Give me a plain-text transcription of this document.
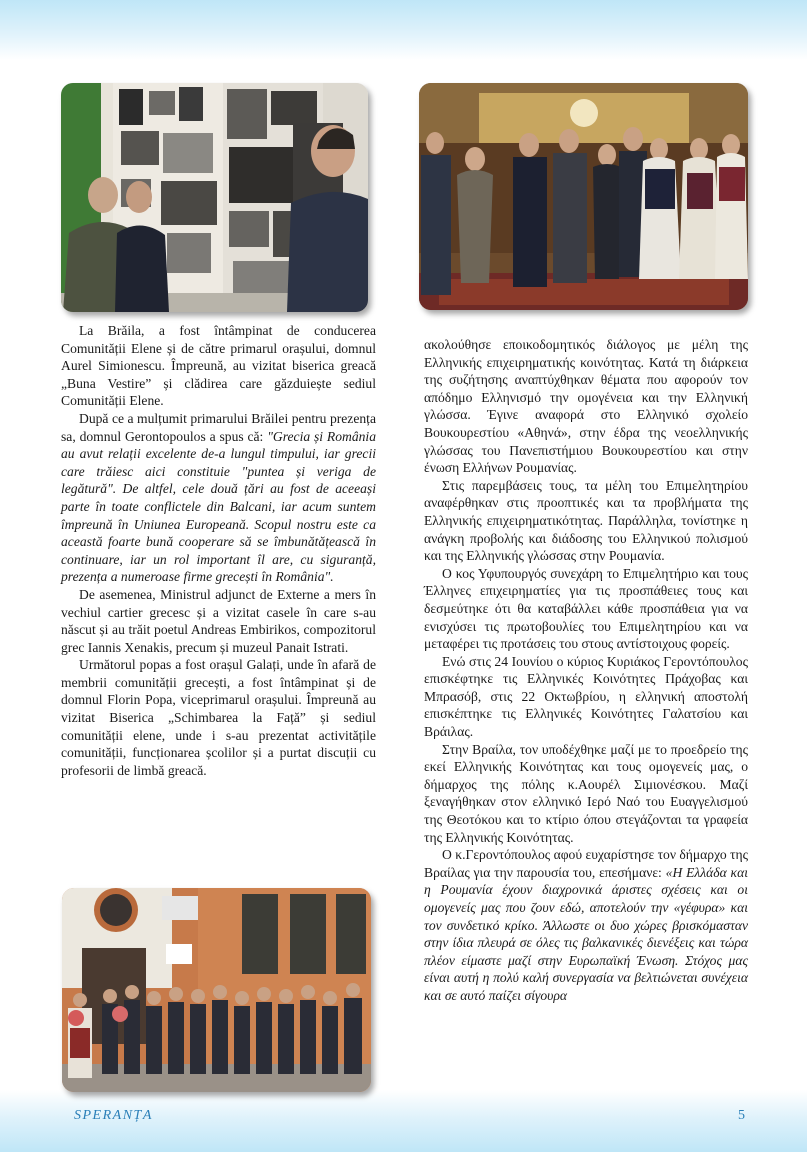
La Brăila, a fost întâmpinat de conducerea Comunității Elene și de către primarul orașului, domnul Aurel Simionescu. Împreună, au vizitat biserica greacă „Buna Vestire” și clădirea care găzduiește sediul Comunității Elene.

După ce a mulțumit primarului Brăilei pentru prezența sa, domnul Gerontopoulos a spus că: "Grecia și România au avut relații excelente de-a lungul timpului, iar grecii care trăiesc aici constituie "puntea și veriga de legătură". De altfel, cele două țări au fost de aceeași parte în toate conflictele din Balcani, iar acum suntem împreună în Uniunea Europeană. Scopul nostru este ca această foarte bună cooperare să se îmbunătățească în continuare, iar un rol important îl are, cu siguranță, prezența a numeroase firme grecești în România".

De asemenea, Ministrul adjunct de Externe a mers în vechiul cartier grecesc și a vizitat casele în care s-au născut și au trăit poetul Andreas Embirikos, compozitorul grec Iannis Xenakis, precum și muzeul Panait Istrati.

Următorul popas a fost orașul Galați, unde în afară de membrii comunității grecești, a fost întâmpinat și de domnul Florin Popa, viceprimarul orașului. Împreună au vizitat Biserica „Schimbarea la Față” și sediul comunității elene, unde i s-au prezentat activitățile comunității, funcționarea școlilor și a purtat discuții cu profesorii de limbă greacă.

ακολούθησε εποικοδομητικός διάλογος με μέλη της Ελληνικής επιχειρηματικής κοινότητας. Κατά τη διάρκεια της συζήτησης αναπτύχθηκαν θέματα που αφορούν τον απόδημο Ελληνισμό την ομογένεια και την Ελληνική γλώσσα. Έγινε αναφορά στο Ελληνικό σχολείο Βουκουρεστίου «Αθηνά», στην έδρα της νεοελληνικής γλώσσας του Πανεπιστήμιου Βουκουρεστίου και στην ένωση Ελλήνων Ρουμανίας.

Στις παρεμβάσεις τους, τα μέλη του Επιμελητηρίου αναφέρθηκαν στις προοπτικές και τα προβλήματα της Ελληνικής επιχειρηματικότητας. Παράλληλα, τονίστηκε η ανάγκη προβολής και διάδοσης του Ελληνικού πολισμού και της Ελληνικής γλώσσας στην Ρουμανία.

Ο κος Υφυπουργός συνεχάρη το Επιμελητήριο και τους Έλληνες επιχειρηματίες για τις προσπάθειες τους και δεσμεύτηκε ότι θα καταβάλλει κάθε προσπάθεια για να ενισχύσει τις πρωτοβουλίες του Επιμελητηρίου και να μεταφέρει τις προτάσεις του στους αντίστοιχους φορείς.

Ενώ στις 24 Ιουνίου ο κύριος Κυριάκος Γεροντόπουλος επισκέφτηκε τις Ελληνικές Κοινότητες Πράχοβας και Μπρασόβ, στις 22 Οκτωβρίου, η ελληνική αποστολή επισκέπτηκε τις Ελληνικές Κοινότητες Γαλατσίου και Βράιλας.

Στην Βραίλα, τον υποδέχθηκε μαζί με το προεδρείο της εκεί Ελληνικής Κοινότητας και τους ομογενείς μας, ο δήμαρχος της πόλης κ.Αουρέλ Σιμιονέσκου. Μαζί ξεναγήθηκαν στον ελληνικό Ιερό Ναό του Ευαγγελισμού της Θεοτόκου και το κτίριο όπου στεγάζονται τα γραφεία της Ελληνικής Κοινότητας.

Ο κ.Γεροντόπουλος αφού ευχαρίστησε τον δήμαρχο της Βραίλας για την παρουσία του, επεσήμανε: «Η Ελλάδα και η Ρουμανία έχουν διαχρονικά άριστες σχέσεις και οι ομογενείς μας που ζουν εδώ, αποτελούν την «γέφυρα» και τον συνδετικό κρίκο. Άλλωστε οι δυο χώρες βρισκόμασταν στην ίδια πλευρά σε όλες τις βαλκανικές διενέξεις και τώρα πλέον είμαστε μαζί στην Ευρωπαϊκή Ένωση. Στόχος μας είναι αυτή η πολύ καλή συνεργασία να βελτιώνεται συνέχεια και σε αυτό παίζει σίγουρα

SPERANȚA	5
